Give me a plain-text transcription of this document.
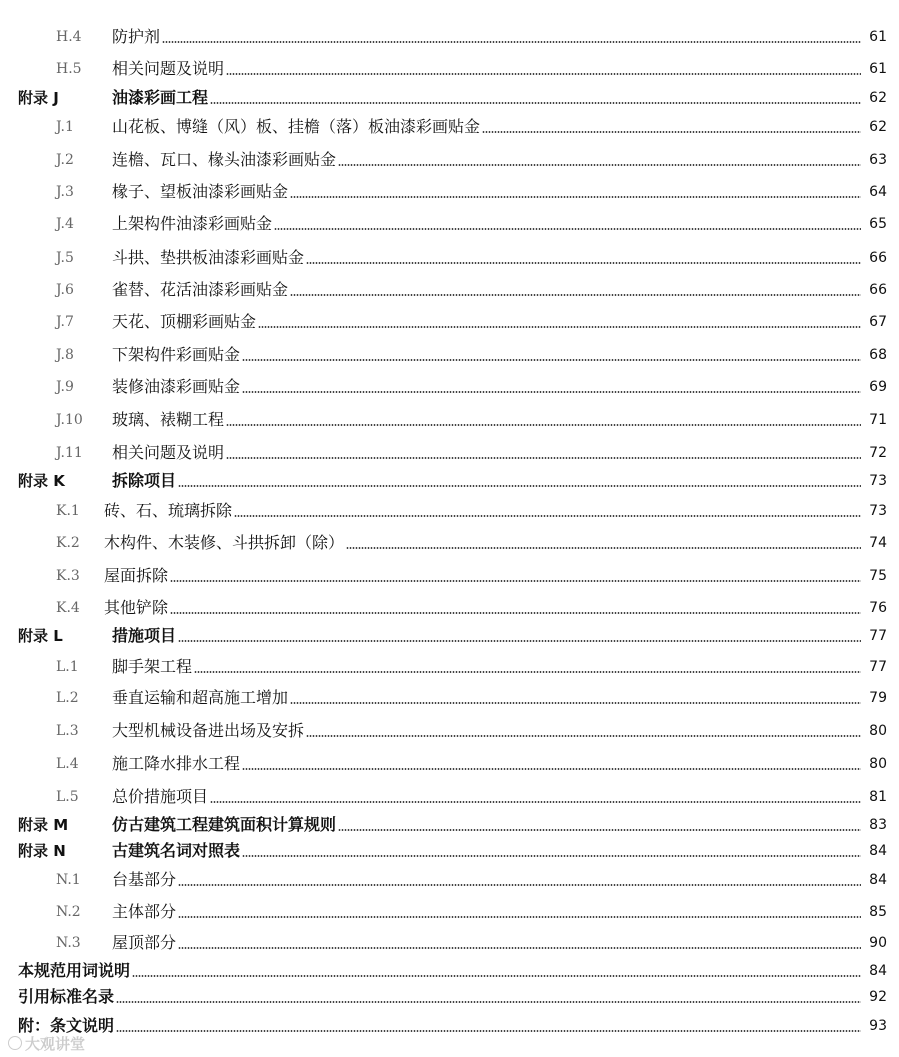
H.4 防护剂	61
H.5 相关问题及说明	61
附录 J	油漆彩画工程	62
J.1 山花板、博缝（风）板、挂檐（落）板油漆彩画贴金	62
J.2 连檐、瓦口、椽头油漆彩画贴金	63
J.3 椽子、望板油漆彩画贴金	64
J.4 上架构件油漆彩画贴金	65
J.5 斗拱、垫拱板油漆彩画贴金	66
J.6 雀替、花活油漆彩画贴金	66
J.7 天花、顶棚彩画贴金	67
J.8 下架构件彩画贴金	68
J.9 装修油漆彩画贴金	69
J.10 玻璃、裱糊工程	71
J.11 相关问题及说明	72
附录 K	拆除项目	73
K.1 砖、石、琉璃拆除	73
K.2 木构件、木装修、斗拱拆卸（除）	74
K.3 屋面拆除	75
K.4 其他铲除	76
附录 L	措施项目	77
L.1 脚手架工程	77
L.2 垂直运输和超高施工增加	79
L.3 大型机械设备进出场及安拆	80
L.4 施工降水排水工程	80
L.5 总价措施项目	81
附录 M	仿古建筑工程建筑面积计算规则	83
附录 N	古建筑名词对照表	84
N.1 台基部分	84
N.2 主体部分	85
N.3 屋顶部分	90
本规范用词说明	84
引用标准名录	92
附：条文说明	93
大观讲堂
